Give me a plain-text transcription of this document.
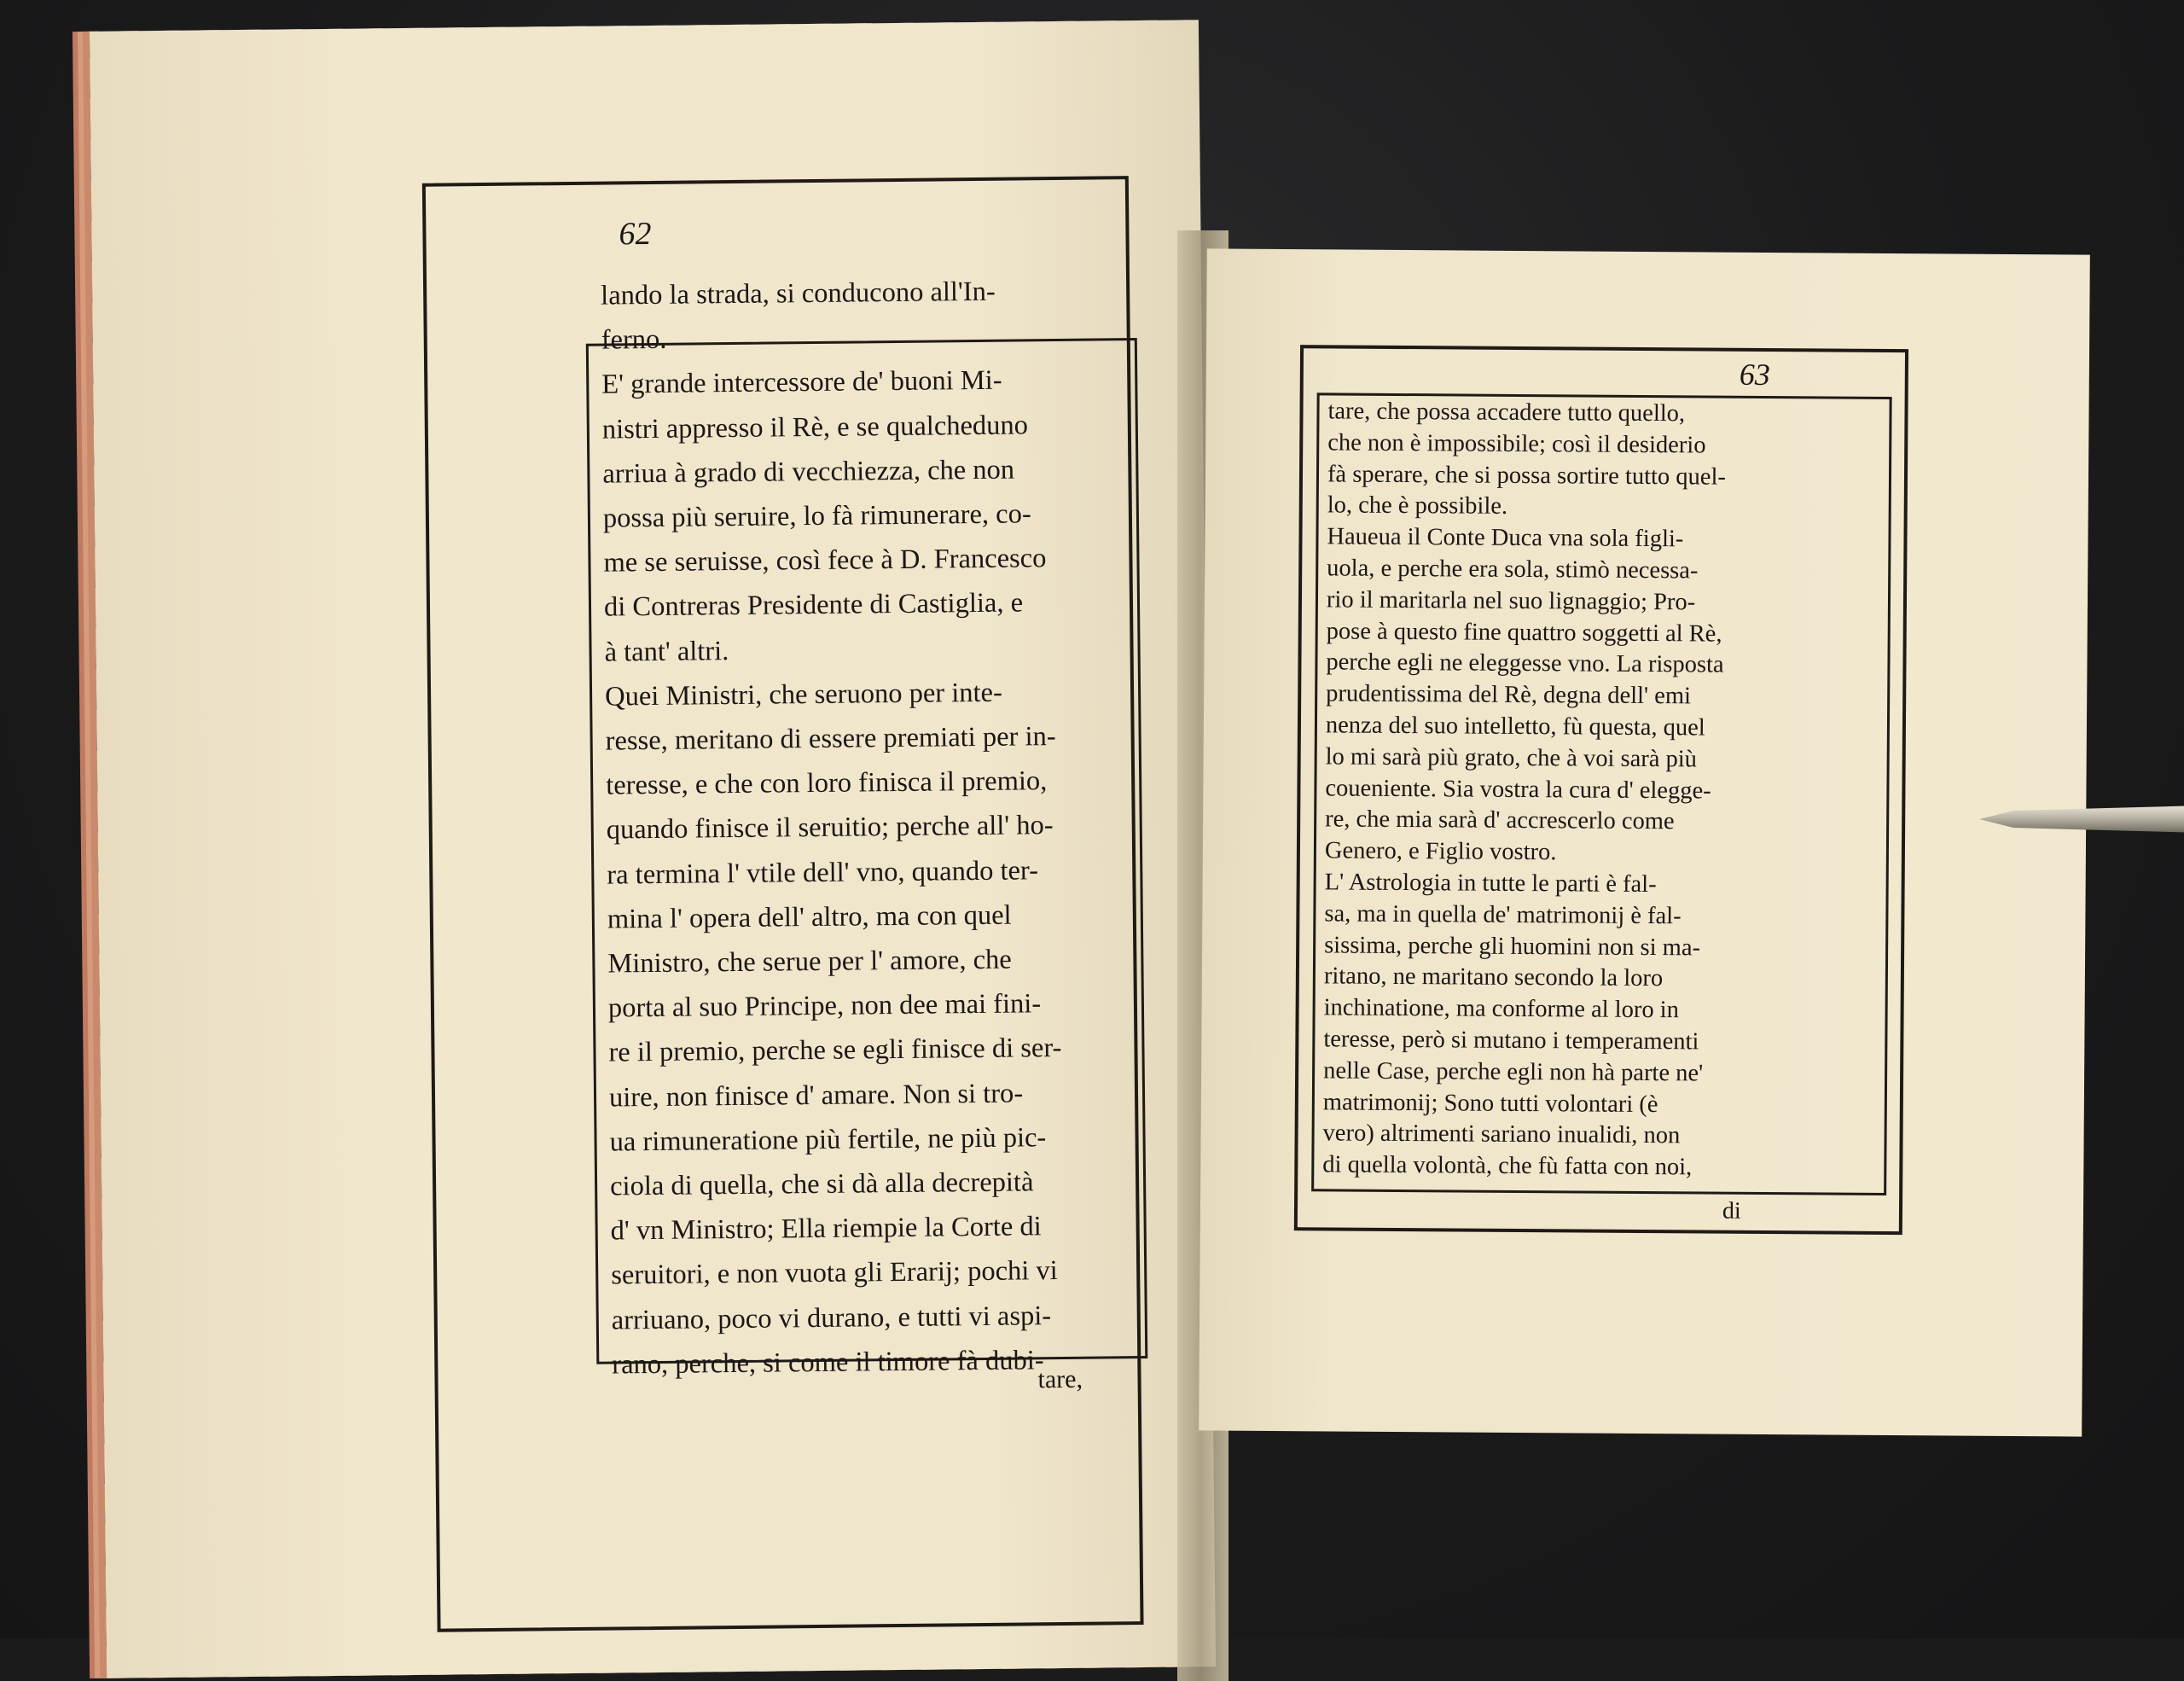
62
lando la strada, si conducono all'In-
ferno.
E' grande intercessore de' buoni Mi-
nistri appresso il Rè, e se qualcheduno
arriua à grado di vecchiezza, che non
possa più seruire, lo fà rimunerare, co-
me se seruisse, così fece à D. Francesco
di Contreras Presidente di Castiglia, e
à tant' altri.
Quei Ministri, che seruono per inte-
resse, meritano di essere premiati per in-
teresse, e che con loro finisca il premio,
quando finisce il seruitio; perche all' ho-
ra termina l' vtile dell' vno, quando ter-
mina l' opera dell' altro, ma con quel
Ministro, che serue per l' amore, che
porta al suo Principe, non dee mai fini-
re il premio, perche se egli finisce di ser-
uire, non finisce d' amare. Non si tro-
ua rimuneratione più fertile, ne più pic-
ciola di quella, che si dà alla decrepità
d' vn Ministro; Ella riempie la Corte di
seruitori, e non vuota gli Erarij; pochi vi
arriuano, poco vi durano, e tutti vi aspi-
rano, perche, si come il timore fà dubi-
tare,
63
tare, che possa accadere tutto quello,
che non è impossibile; così il desiderio
fà sperare, che si possa sortire tutto quel-
lo, che è possibile.
Haueua il Conte Duca vna sola figli-
uola, e perche era sola, stimò necessa-
rio il maritarla nel suo lignaggio; Pro-
pose à questo fine quattro soggetti al Rè,
perche egli ne eleggesse vno. La risposta
prudentissima del Rè, degna dell' emi
nenza del suo intelletto, fù questa, quel
lo mi sarà più grato, che à voi sarà più
coueniente. Sia vostra la cura d' elegge-
re, che mia sarà d' accrescerlo come
Genero, e Figlio vostro.
L' Astrologia in tutte le parti è fal-
sa, ma in quella de' matrimonij è fal-
sissima, perche gli huomini non si ma-
ritano, ne maritano secondo la loro
inchinatione, ma conforme al loro in
teresse, però si mutano i temperamenti
nelle Case, perche egli non hà parte ne'
matrimonij; Sono tutti volontari (è
vero) altrimenti sariano inualidi, non
di quella volontà, che fù fatta con noi,
di
